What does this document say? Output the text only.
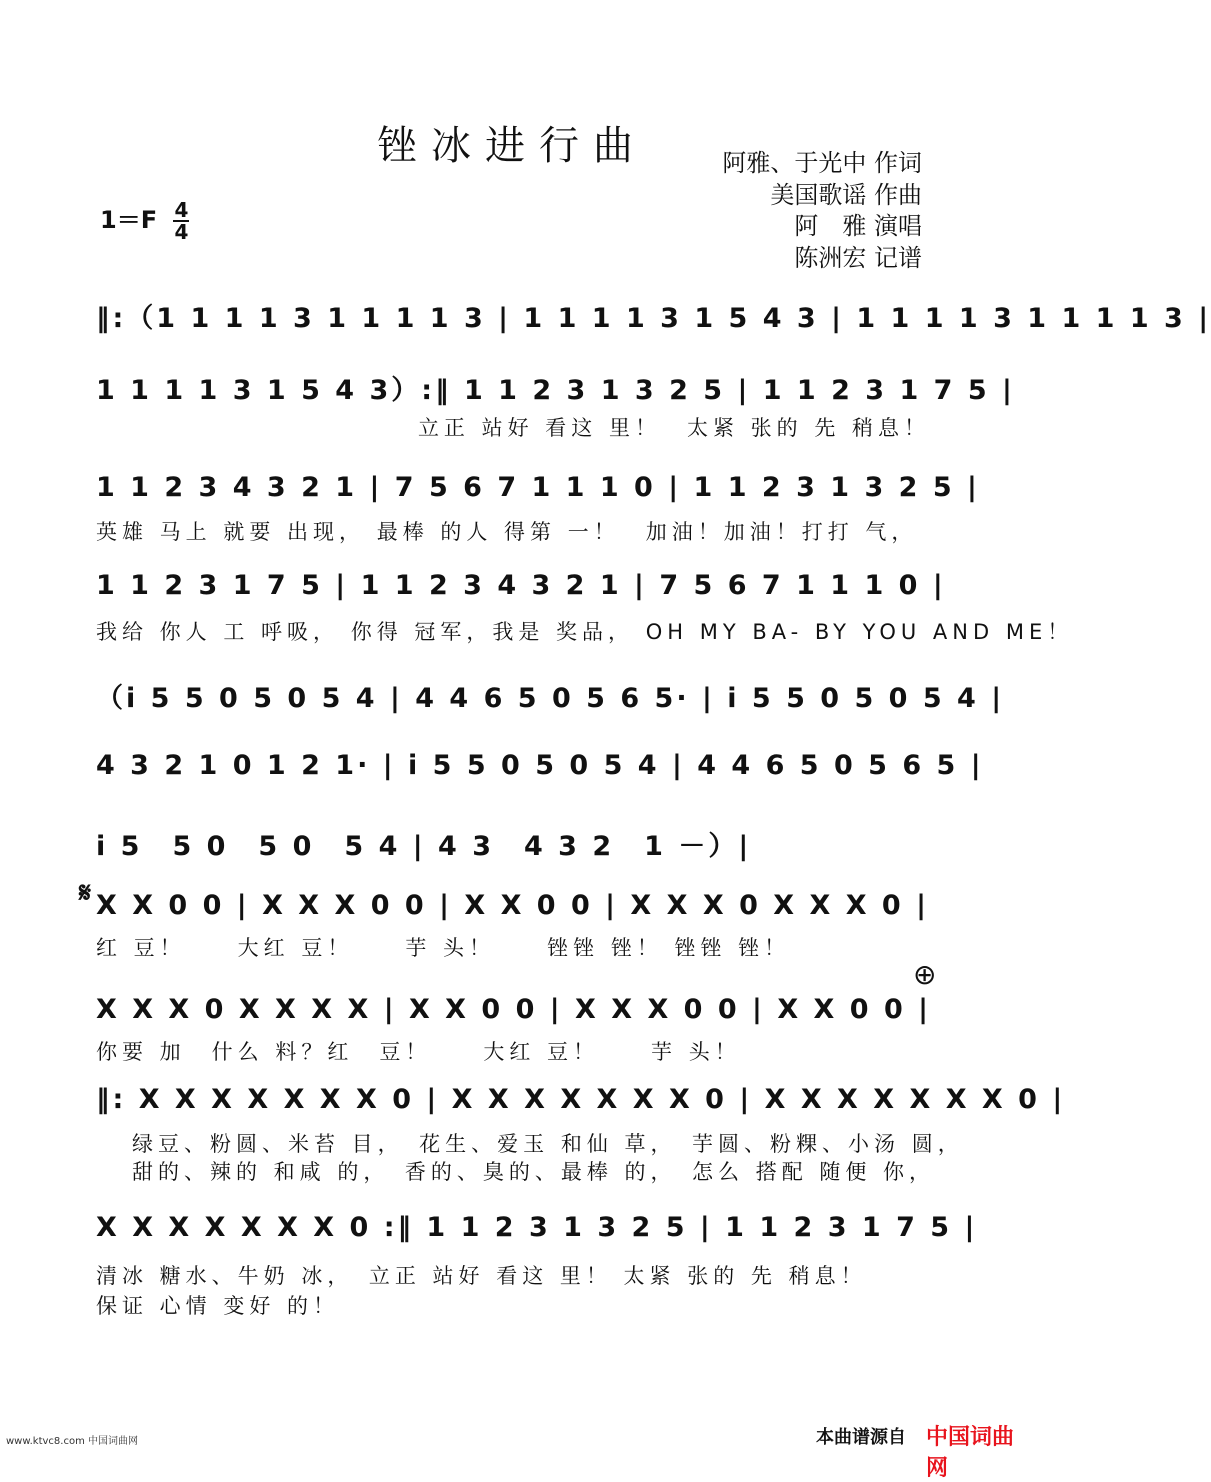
锉冰进行曲	阿雅、于光中 作词
美国歌谣 作曲
阿　雅 演唱
陈洲宏 记谱
$1=F \frac{4}{4}$
‖:（1 1 1 1 3 1 1 1 1 3 | 1 1 1 1 3 1 5 4 3 | 1 1 1 1 3 1 1 1 1 3 |
1 1 1 1 3 1 5 4 3）:‖ 1 1 2 3 1 3 2 5 | 1 1 2 3 1 7 5 |
立正 站好 看这 里！　太紧 张的 先 稍息！
1 1 2 3 4 3 2 1 | 7 5 6 7 1 1 1 0 | 1 1 2 3 1 3 2 5 |
英雄 马上 就要 出现， 最棒 的人 得第 一！　加油！加油！打打 气，
1 1 2 3 1 7 5 | 1 1 2 3 4 3 2 1 | 7 5 6 7 1 1 1 0 |
我给 你人 工 呼吸， 你得 冠军，我是 奖品， OH MY BA- BY YOU AND ME！
（i 5 5 0 5 0 5 4 | 4 4 6 5 0 5 6 5· | i 5 5 0 5 0 5 4 |
4 3 2 1 0 1 2 1· | i 5 5 0 5 0 5 4 | 4 4 6 5 0 5 6 5 |
i 5　5 0　5 0　5 4 | 4 3　4 3 2　1 －）|
𝄋 X X 0 0 | X X X 0 0 | X X 0 0 | X X X 0 X X X 0 |
红 豆！　　大红 豆！　　芋 头！　　锉锉 锉！ 锉锉 锉！
⊕
X X X 0 X X X X | X X 0 0 | X X X 0 0 | X X 0 0 |
你要 加　什么 料？红　豆！　　大红 豆！　　芋 头！
‖: X X X X X X X 0 | X X X X X X X 0 | X X X X X X X 0 |
绿豆、粉圆、米苔 目，　花生、爱玉 和仙 草，　芋圆、粉粿、小汤 圆，
甜的、辣的 和咸 的，　香的、臭的、最棒 的，　怎么 搭配 随便 你，
X X X X X X X 0 :‖ 1 1 2 3 1 3 2 5 | 1 1 2 3 1 7 5 |
清冰 糖水、牛奶 冰，　立正 站好 看这 里！ 太紧 张的 先 稍息！
保证 心情 变好 的！
www.ktvc8.com 中国词曲网	本曲谱源自 中国词曲网
